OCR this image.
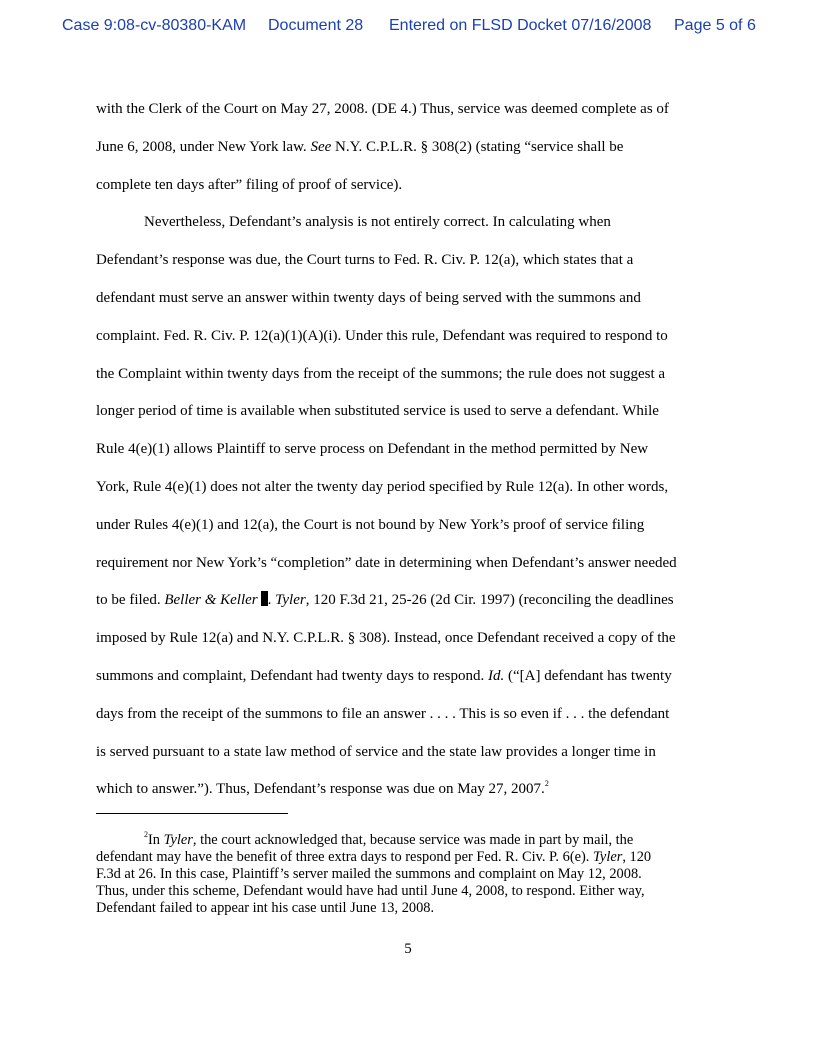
Case 9:08-cv-80380-KAM Document 28 Entered on FLSD Docket 07/16/2008 Page 5 of 6
with the Clerk of the Court on May 27, 2008. (DE 4.) Thus, service was deemed complete as of
June 6, 2008, under New York law. See N.Y. C.P.L.R. § 308(2) (stating “service shall be
complete ten days after” filing of proof of service).
Nevertheless, Defendant’s analysis is not entirely correct. In calculating when
Defendant’s response was due, the Court turns to Fed. R. Civ. P. 12(a), which states that a
defendant must serve an answer within twenty days of being served with the summons and
complaint. Fed. R. Civ. P. 12(a)(1)(A)(i). Under this rule, Defendant was required to respond to
the Complaint within twenty days from the receipt of the summons; the rule does not suggest a
longer period of time is available when substituted service is used to serve a defendant. While
Rule 4(e)(1) allows Plaintiff to serve process on Defendant in the method permitted by New
York, Rule 4(e)(1) does not alter the twenty day period specified by Rule 12(a). In other words,
under Rules 4(e)(1) and 12(a), the Court is not bound by New York’s proof of service filing
requirement nor New York’s “completion” date in determining when Defendant’s answer needed
to be filed. Beller & Keller . Tyler, 120 F.3d 21, 25-26 (2d Cir. 1997) (reconciling the deadlines
imposed by Rule 12(a) and N.Y. C.P.L.R. § 308). Instead, once Defendant received a copy of the
summons and complaint, Defendant had twenty days to respond. Id. (“[A] defendant has twenty
days from the receipt of the summons to file an answer . . . . This is so even if . . . the defendant
is served pursuant to a state law method of service and the state law provides a longer time in
which to answer.”). Thus, Defendant’s response was due on May 27, 2007.$^2$
$^2$In Tyler, the court acknowledged that, because service was made in part by mail, the
defendant may have the benefit of three extra days to respond per Fed. R. Civ. P. 6(e). Tyler, 120
F.3d at 26. In this case, Plaintiff’s server mailed the summons and complaint on May 12, 2008.
Thus, under this scheme, Defendant would have had until June 4, 2008, to respond. Either way,
Defendant failed to appear int his case until June 13, 2008.
5
